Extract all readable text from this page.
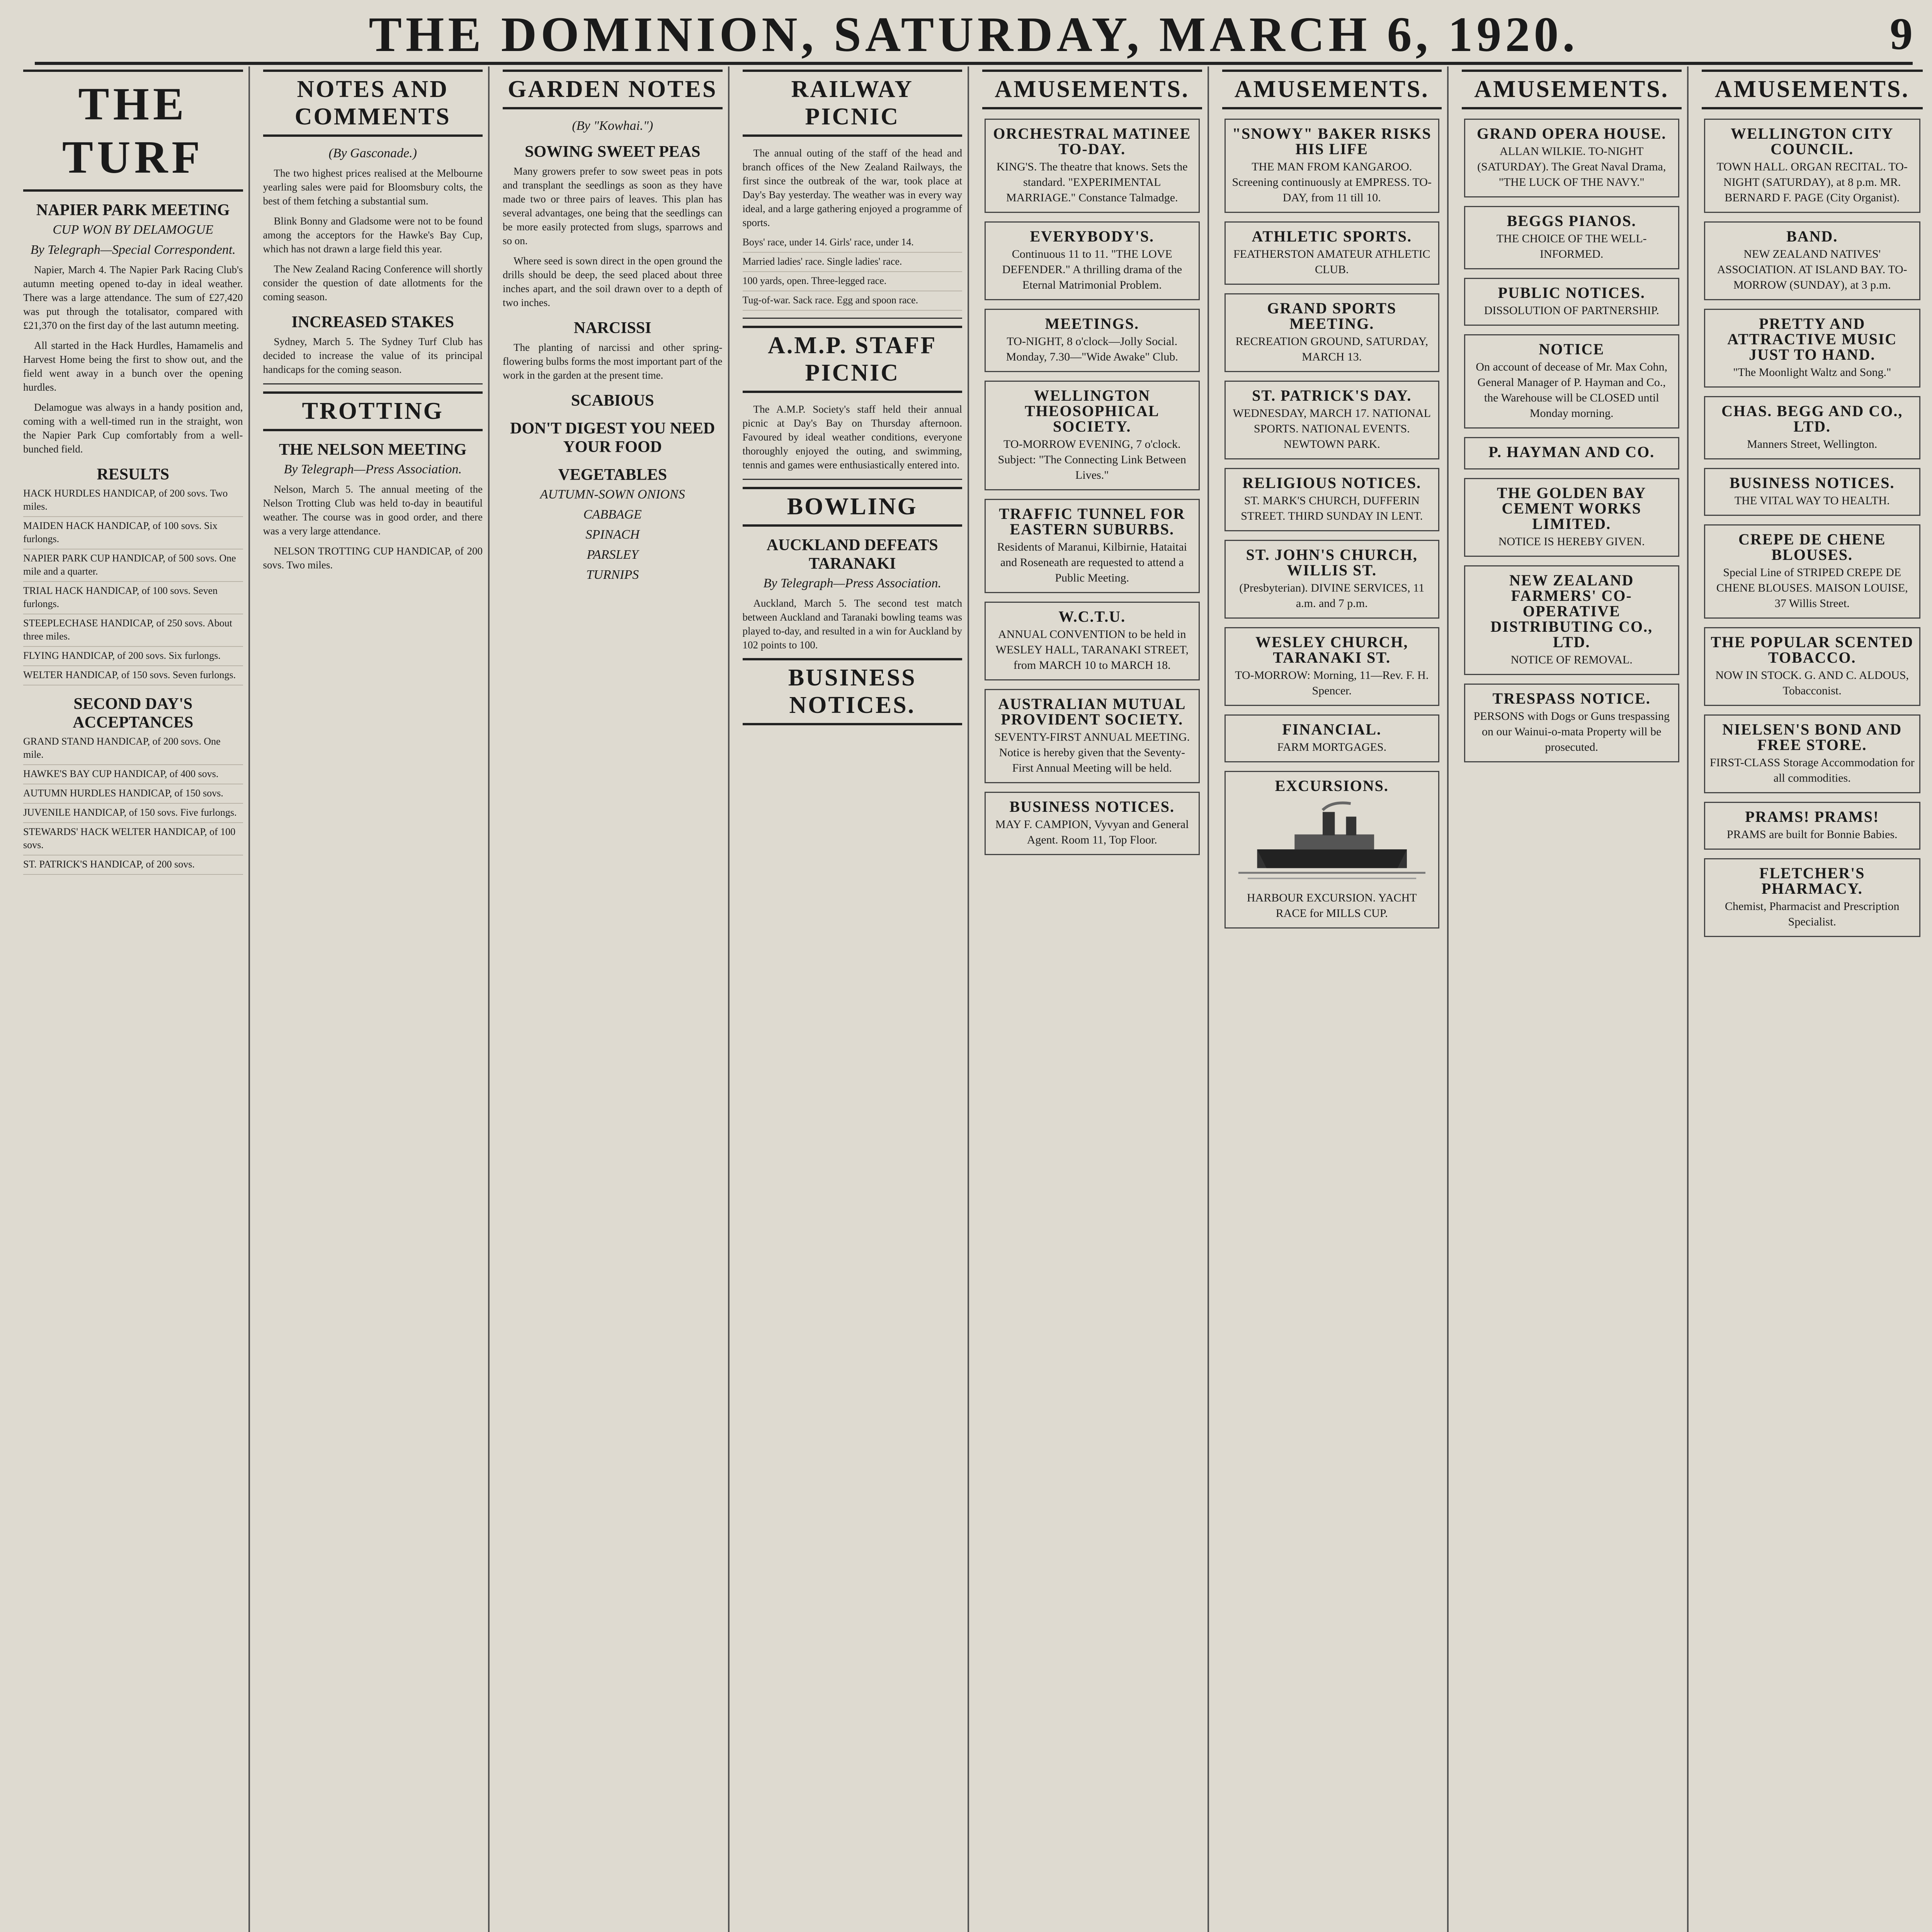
THE DOMINION, SATURDAY, MARCH 6, 1920.	9
THE TURF
NAPIER PARK MEETING
CUP WON BY DELAMOGUE
By Telegraph—Special Correspondent.

Napier, March 4. The Napier Park Racing Club's autumn meeting opened to-day in ideal weather. There was a large attendance. The sum of £27,420 was put through the totalisator, compared with £21,370 on the first day of the last autumn meeting.

All started in the Hack Hurdles, Hamamelis and Harvest Home being the first to show out, and the field went away in a bunch over the opening hurdles.

Delamogue was always in a handy position and, coming with a well-timed run in the straight, won the Napier Park Cup comfortably from a well-bunched field.

RESULTS
HACK HURDLES HANDICAP, of 200 sovs. Two miles.
MAIDEN HACK HANDICAP, of 100 sovs. Six furlongs.
NAPIER PARK CUP HANDICAP, of 500 sovs. One mile and a quarter.
TRIAL HACK HANDICAP, of 100 sovs. Seven furlongs.
STEEPLECHASE HANDICAP, of 250 sovs. About three miles.
FLYING HANDICAP, of 200 sovs. Six furlongs.
WELTER HANDICAP, of 150 sovs. Seven furlongs.
SECOND DAY'S ACCEPTANCES
GRAND STAND HANDICAP, of 200 sovs. One mile.
HAWKE'S BAY CUP HANDICAP, of 400 sovs.
AUTUMN HURDLES HANDICAP, of 150 sovs.
JUVENILE HANDICAP, of 150 sovs. Five furlongs.
STEWARDS' HACK WELTER HANDICAP, of 100 sovs.
ST. PATRICK'S HANDICAP, of 200 sovs.
NOTES AND COMMENTS
(By Gasconade.)

The two highest prices realised at the Melbourne yearling sales were paid for Bloomsbury colts, the best of them fetching a substantial sum.

Blink Bonny and Gladsome were not to be found among the acceptors for the Hawke's Bay Cup, which has not drawn a large field this year.

The New Zealand Racing Conference will shortly consider the question of date allotments for the coming season.

INCREASED STAKES

Sydney, March 5. The Sydney Turf Club has decided to increase the value of its principal handicaps for the coming season.

TROTTING
THE NELSON MEETING
By Telegraph—Press Association.

Nelson, March 5. The annual meeting of the Nelson Trotting Club was held to-day in beautiful weather. The course was in good order, and there was a very large attendance.

NELSON TROTTING CUP HANDICAP, of 200 sovs. Two miles.

GARDEN NOTES
(By "Kowhai.")
SOWING SWEET PEAS

Many growers prefer to sow sweet peas in pots and transplant the seedlings as soon as they have made two or three pairs of leaves. This plan has several advantages, one being that the seedlings can be more easily protected from slugs, sparrows and so on.

Where seed is sown direct in the open ground the drills should be deep, the seed placed about three inches apart, and the soil drawn over to a depth of two inches.

NARCISSI

The planting of narcissi and other spring-flowering bulbs forms the most important part of the work in the garden at the present time.

SCABIOUS
DON'T DIGEST YOU NEED YOUR FOOD
VEGETABLES
AUTUMN-SOWN ONIONS
CABBAGE
SPINACH
PARSLEY
TURNIPS
RAILWAY PICNIC

The annual outing of the staff of the head and branch offices of the New Zealand Railways, the first since the outbreak of the war, took place at Day's Bay yesterday. The weather was in every way ideal, and a large gathering enjoyed a programme of sports.

Boys' race, under 14. Girls' race, under 14.
Married ladies' race. Single ladies' race.
100 yards, open. Three-legged race.
Tug-of-war. Sack race. Egg and spoon race.
A.M.P. STAFF PICNIC

The A.M.P. Society's staff held their annual picnic at Day's Bay on Thursday afternoon. Favoured by ideal weather conditions, everyone thoroughly enjoyed the outing, and swimming, tennis and games were enthusiastically entered into.

BOWLING
AUCKLAND DEFEATS TARANAKI
By Telegraph—Press Association.

Auckland, March 5. The second test match between Auckland and Taranaki bowling teams was played to-day, and resulted in a win for Auckland by 102 points to 100.

BUSINESS NOTICES.
AMUSEMENTS.
ORCHESTRAL MATINEE TO-DAY.
KING'S. The theatre that knows. Sets the standard. "EXPERIMENTAL MARRIAGE." Constance Talmadge.
EVERYBODY'S.
Continuous 11 to 11. "THE LOVE DEFENDER." A thrilling drama of the Eternal Matrimonial Problem.
MEETINGS.
TO-NIGHT, 8 o'clock—Jolly Social. Monday, 7.30—"Wide Awake" Club.
WELLINGTON THEOSOPHICAL SOCIETY.
TO-MORROW EVENING, 7 o'clock. Subject: "The Connecting Link Between Lives."
TRAFFIC TUNNEL FOR EASTERN SUBURBS.
Residents of Maranui, Kilbirnie, Hataitai and Roseneath are requested to attend a Public Meeting.
W.C.T.U.
ANNUAL CONVENTION to be held in WESLEY HALL, TARANAKI STREET, from MARCH 10 to MARCH 18.
AUSTRALIAN MUTUAL PROVIDENT SOCIETY.
SEVENTY-FIRST ANNUAL MEETING. Notice is hereby given that the Seventy-First Annual Meeting will be held.
BUSINESS NOTICES.
MAY F. CAMPION, Vyvyan and General Agent. Room 11, Top Floor.
AMUSEMENTS.
"SNOWY" BAKER RISKS HIS LIFE
THE MAN FROM KANGAROO. Screening continuously at EMPRESS. TO-DAY, from 11 till 10.
ATHLETIC SPORTS.
FEATHERSTON AMATEUR ATHLETIC CLUB.
GRAND SPORTS MEETING.
RECREATION GROUND, SATURDAY, MARCH 13.
ST. PATRICK'S DAY.
WEDNESDAY, MARCH 17. NATIONAL SPORTS. NATIONAL EVENTS. NEWTOWN PARK.
RELIGIOUS NOTICES.
ST. MARK'S CHURCH, DUFFERIN STREET. THIRD SUNDAY IN LENT.
ST. JOHN'S CHURCH, WILLIS ST.
(Presbyterian). DIVINE SERVICES, 11 a.m. and 7 p.m.
WESLEY CHURCH, TARANAKI ST.
TO-MORROW: Morning, 11—Rev. F. H. Spencer.
FINANCIAL.
FARM MORTGAGES.
EXCURSIONS.
HARBOUR EXCURSION. YACHT RACE for MILLS CUP.
AMUSEMENTS.
GRAND OPERA HOUSE.
ALLAN WILKIE. TO-NIGHT (SATURDAY). The Great Naval Drama, "THE LUCK OF THE NAVY."
BEGGS PIANOS.
THE CHOICE OF THE WELL-INFORMED.
PUBLIC NOTICES.
DISSOLUTION OF PARTNERSHIP.
NOTICE
On account of decease of Mr. Max Cohn, General Manager of P. Hayman and Co., the Warehouse will be CLOSED until Monday morning.
P. HAYMAN AND CO.
THE GOLDEN BAY CEMENT WORKS LIMITED.
NOTICE IS HEREBY GIVEN.
NEW ZEALAND FARMERS' CO-OPERATIVE DISTRIBUTING CO., LTD.
NOTICE OF REMOVAL.
TRESPASS NOTICE.
PERSONS with Dogs or Guns trespassing on our Wainui-o-mata Property will be prosecuted.
AMUSEMENTS.
WELLINGTON CITY COUNCIL.
TOWN HALL. ORGAN RECITAL. TO-NIGHT (SATURDAY), at 8 p.m. MR. BERNARD F. PAGE (City Organist).
BAND.
NEW ZEALAND NATIVES' ASSOCIATION. AT ISLAND BAY. TO-MORROW (SUNDAY), at 3 p.m.
PRETTY AND ATTRACTIVE MUSIC JUST TO HAND.
"The Moonlight Waltz and Song."
CHAS. BEGG AND CO., LTD.
Manners Street, Wellington.
BUSINESS NOTICES.
THE VITAL WAY TO HEALTH.
CREPE DE CHENE BLOUSES.
Special Line of STRIPED CREPE DE CHENE BLOUSES. MAISON LOUISE, 37 Willis Street.
THE POPULAR SCENTED TOBACCO.
NOW IN STOCK. G. AND C. ALDOUS, Tobacconist.
NIELSEN'S BOND AND FREE STORE.
FIRST-CLASS Storage Accommodation for all commodities.
PRAMS! PRAMS!
PRAMS are built for Bonnie Babies.
FLETCHER'S PHARMACY.
Chemist, Pharmacist and Prescription Specialist.
